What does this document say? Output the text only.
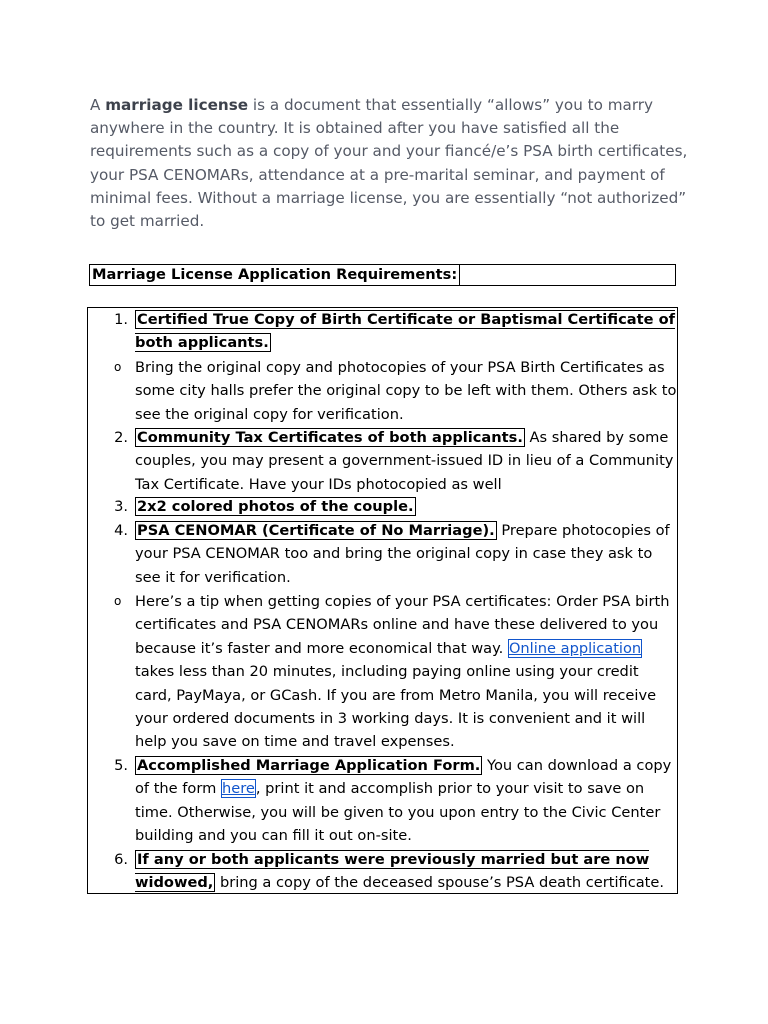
A marriage license is a document that essentially “allows” you to marry anywhere in the country. It is obtained after you have satisfied all the requirements such as a copy of your and your fiancé/e’s PSA birth certificates, your PSA CENOMARs, attendance at a pre-marital seminar, and payment of minimal fees. Without a marriage license, you are essentially “not authorized” to get married.

Marriage License Application Requirements:
1. Certified True Copy of Birth Certificate or Baptismal Certificate of both applicants.

o Bring the original copy and photocopies of your PSA Birth Certificates as some city halls prefer the original copy to be left with them. Others ask to see the original copy for verification.

2. Community Tax Certificates of both applicants. As shared by some couples, you may present a government-issued ID in lieu of a Community Tax Certificate. Have your IDs photocopied as well

3. 2x2 colored photos of the couple.

4. PSA CENOMAR (Certificate of No Marriage). Prepare photocopies of your PSA CENOMAR too and bring the original copy in case they ask to see it for verification.

o Here’s a tip when getting copies of your PSA certificates: Order PSA birth certificates and PSA CENOMARs online and have these delivered to you because it’s faster and more economical that way. Online application takes less than 20 minutes, including paying online using your credit card, PayMaya, or GCash. If you are from Metro Manila, you will receive your ordered documents in 3 working days. It is convenient and it will help you save on time and travel expenses.

5. Accomplished Marriage Application Form. You can download a copy of the form here, print it and accomplish prior to your visit to save on time. Otherwise, you will be given to you upon entry to the Civic Center building and you can fill it out on-site.

6. If any or both applicants were previously married but are now widowed, bring a copy of the deceased spouse’s PSA death certificate.
